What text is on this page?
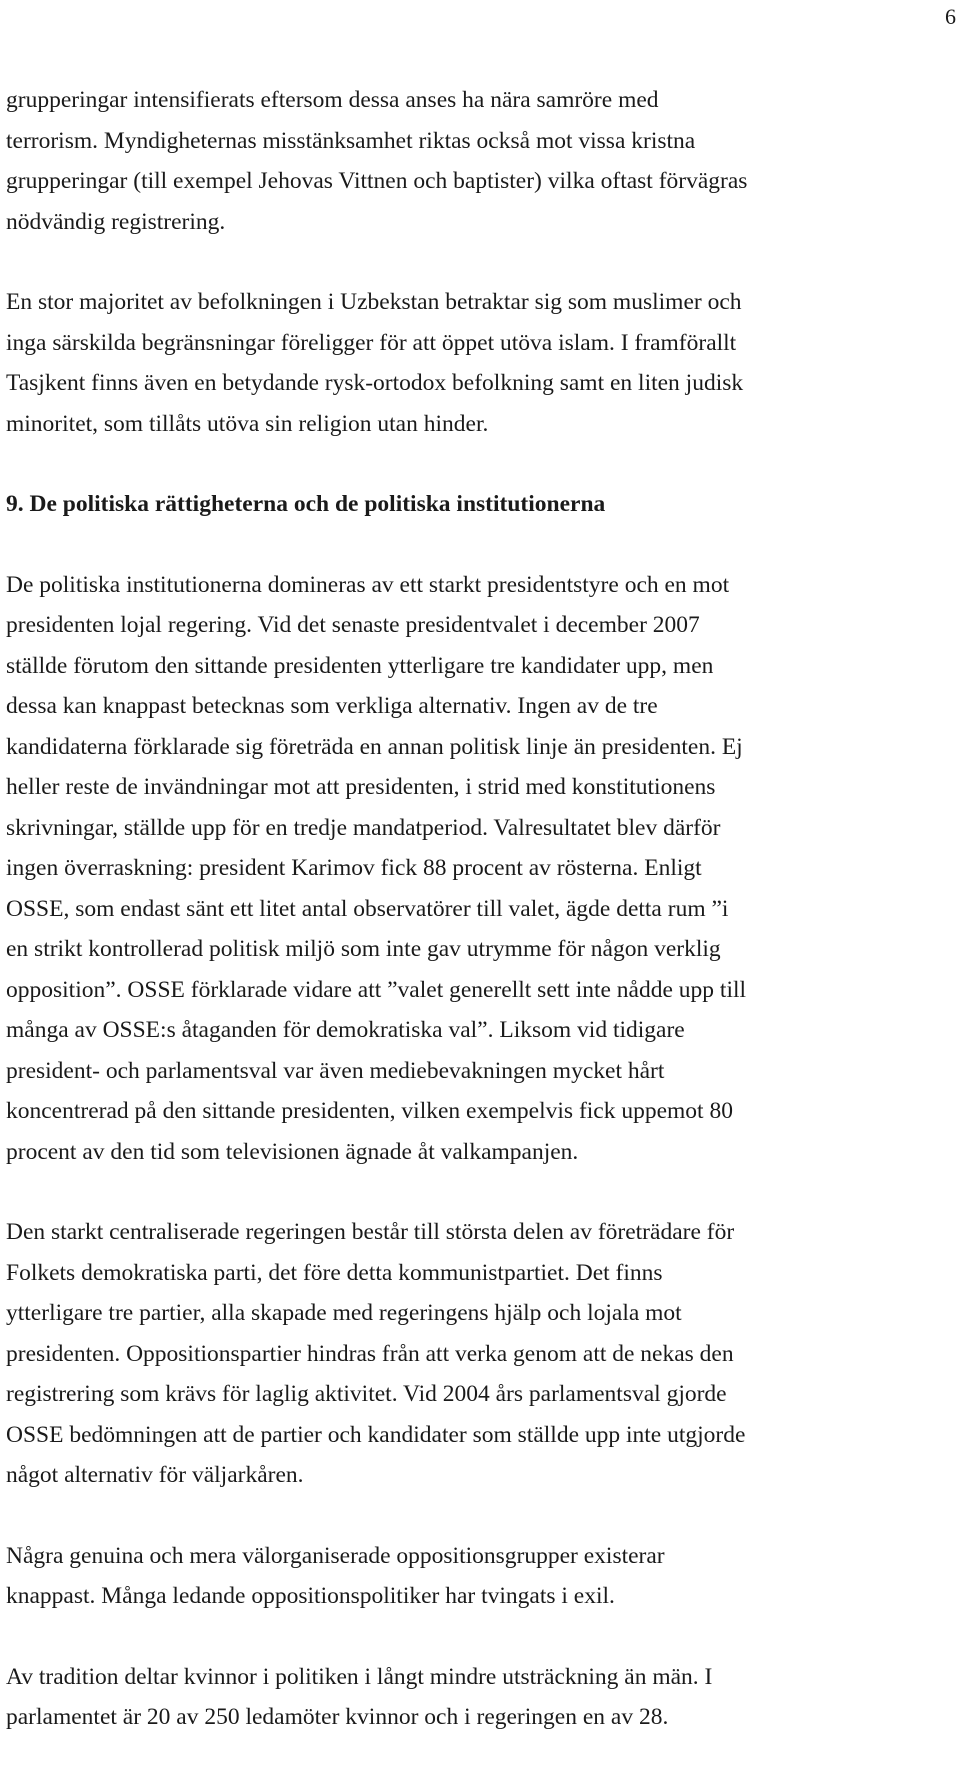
6

grupperingar intensifierats eftersom dessa anses ha nära samröre med
terrorism. Myndigheternas misstänksamhet riktas också mot vissa kristna
grupperingar (till exempel Jehovas Vittnen och baptister) vilka oftast förvägras
nödvändig registrering.

En stor majoritet av befolkningen i Uzbekstan betraktar sig som muslimer och
inga särskilda begränsningar föreligger för att öppet utöva islam. I framförallt
Tasjkent finns även en betydande rysk-ortodox befolkning samt en liten judisk
minoritet, som tillåts utöva sin religion utan hinder.

9. De politiska rättigheterna och de politiska institutionerna

De politiska institutionerna domineras av ett starkt presidentstyre och en mot
presidenten lojal regering. Vid det senaste presidentvalet i december 2007
ställde förutom den sittande presidenten ytterligare tre kandidater upp, men
dessa kan knappast betecknas som verkliga alternativ. Ingen av de tre
kandidaterna förklarade sig företräda en annan politisk linje än presidenten. Ej
heller reste de invändningar mot att presidenten, i strid med konstitutionens
skrivningar, ställde upp för en tredje mandatperiod. Valresultatet blev därför
ingen överraskning: president Karimov fick 88 procent av rösterna. Enligt
OSSE, som endast sänt ett litet antal observatörer till valet, ägde detta rum ”i
en strikt kontrollerad politisk miljö som inte gav utrymme för någon verklig
opposition”. OSSE förklarade vidare att ”valet generellt sett inte nådde upp till
många av OSSE:s åtaganden för demokratiska val”. Liksom vid tidigare
president- och parlamentsval var även mediebevakningen mycket hårt
koncentrerad på den sittande presidenten, vilken exempelvis fick uppemot 80
procent av den tid som televisionen ägnade åt valkampanjen.

Den starkt centraliserade regeringen består till största delen av företrädare för
Folkets demokratiska parti, det före detta kommunistpartiet. Det finns
ytterligare tre partier, alla skapade med regeringens hjälp och lojala mot
presidenten. Oppositionspartier hindras från att verka genom att de nekas den
registrering som krävs för laglig aktivitet. Vid 2004 års parlamentsval gjorde
OSSE bedömningen att de partier och kandidater som ställde upp inte utgjorde
något alternativ för väljarkåren.

Några genuina och mera välorganiserade oppositionsgrupper existerar
knappast. Många ledande oppositionspolitiker har tvingats i exil.

Av tradition deltar kvinnor i politiken i långt mindre utsträckning än män. I
parlamentet är 20 av 250 ledamöter kvinnor och i regeringen en av 28.
